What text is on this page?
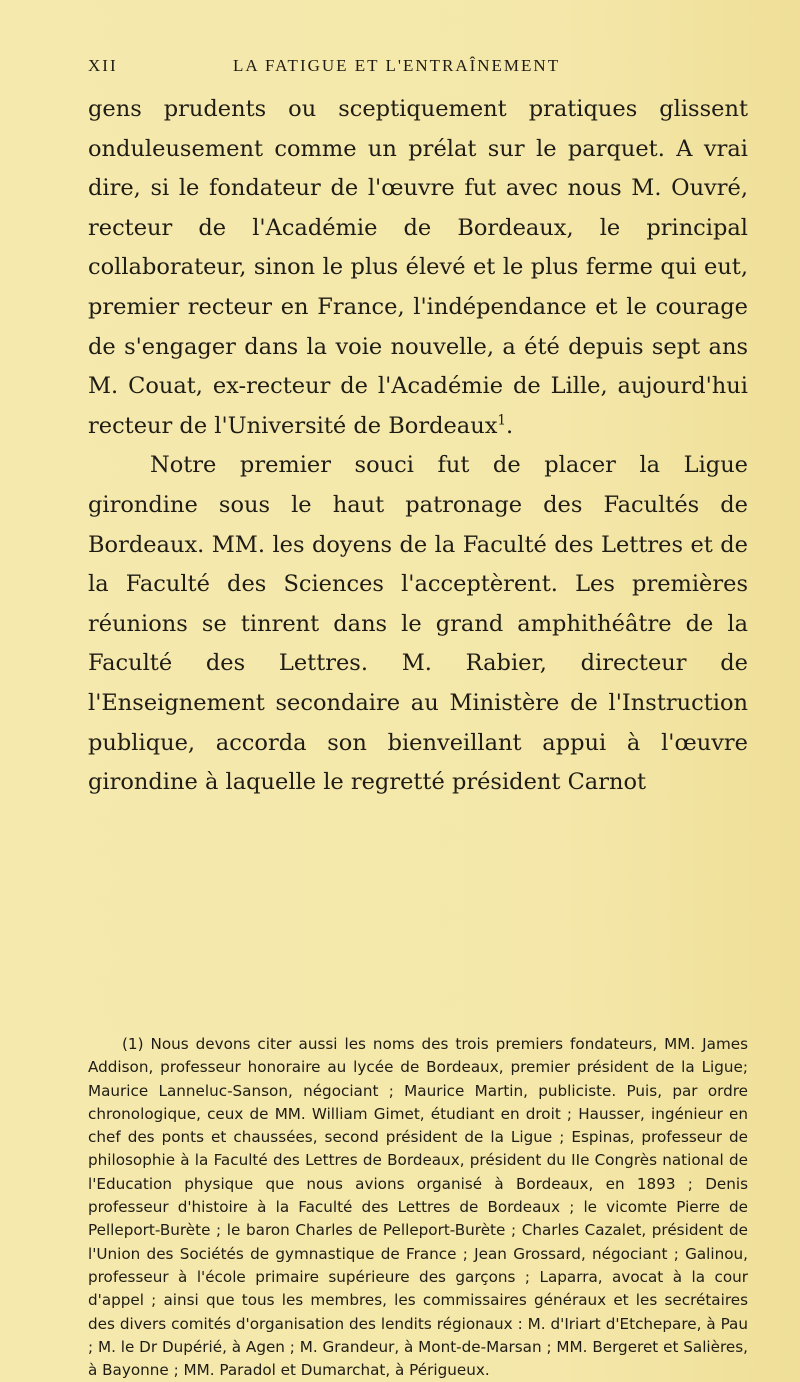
XII	LA FATIGUE ET L'ENTRAÎNEMENT

gens prudents ou sceptiquement pratiques glissent onduleusement comme un prélat sur le parquet. A vrai dire, si le fondateur de l'œuvre fut avec nous M. Ouvré, recteur de l'Académie de Bordeaux, le principal collaborateur, sinon le plus élevé et le plus ferme qui eut, premier recteur en France, l'indépendance et le courage de s'engager dans la voie nouvelle, a été depuis sept ans M. Couat, ex-recteur de l'Académie de Lille, aujourd'hui recteur de l'Université de Bordeaux$^1$.

Notre premier souci fut de placer la Ligue girondine sous le haut patronage des Facultés de Bordeaux. MM. les doyens de la Faculté des Lettres et de la Faculté des Sciences l'acceptèrent. Les premières réunions se tinrent dans le grand amphithéâtre de la Faculté des Lettres. M. Rabier, directeur de l'Enseignement secondaire au Ministère de l'Instruction publique, accorda son bienveillant appui à l'œuvre girondine à laquelle le regretté président Carnot

(1) Nous devons citer aussi les noms des trois premiers fondateurs, MM. James Addison, professeur honoraire au lycée de Bordeaux, premier président de la Ligue; Maurice Lanneluc-Sanson, négociant ; Maurice Martin, publiciste. Puis, par ordre chronologique, ceux de MM. William Gimet, étudiant en droit ; Hausser, ingénieur en chef des ponts et chaussées, second président de la Ligue ; Espinas, professeur de philosophie à la Faculté des Lettres de Bordeaux, président du IIe Congrès national de l'Education physique que nous avions organisé à Bordeaux, en 1893 ; Denis professeur d'histoire à la Faculté des Lettres de Bordeaux ; le vicomte Pierre de Pelleport-Burète ; le baron Charles de Pelleport-Burète ; Charles Cazalet, président de l'Union des Sociétés de gymnastique de France ; Jean Grossard, négociant ; Galinou, professeur à l'école primaire supérieure des garçons ; Laparra, avocat à la cour d'appel ; ainsi que tous les membres, les commissaires généraux et les secrétaires des divers comités d'organisation des lendits régionaux : M. d'Iriart d'Etchepare, à Pau ; M. le Dr Dupérié, à Agen ; M. Grandeur, à Mont-de-Marsan ; MM. Bergeret et Salières, à Bayonne ; MM. Paradol et Dumarchat, à Périgueux.
